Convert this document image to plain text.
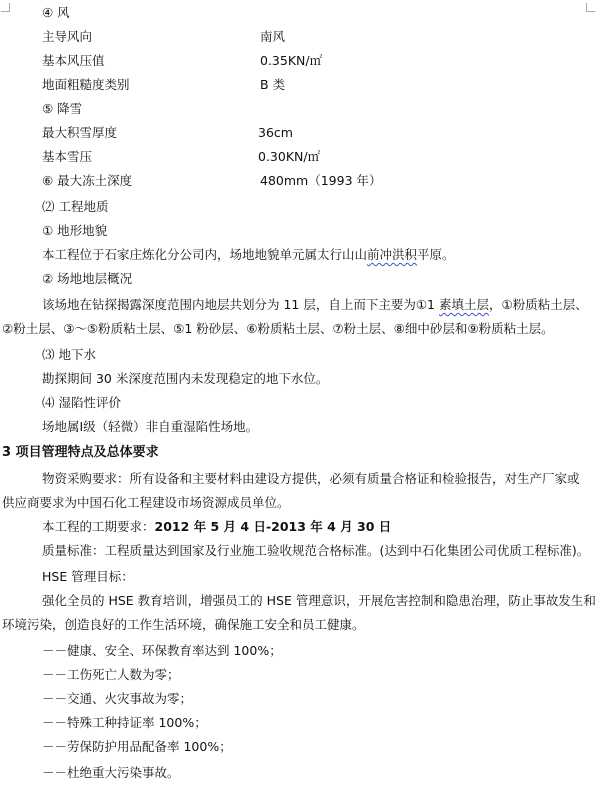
④ 风
主导风向	南风
基本风压值	0.35KN/㎡
地面粗糙度类别	B 类
⑤ 降雪
最大积雪厚度	36cm
基本雪压	0.30KN/㎡
⑥ 最大冻土深度	480mm（1993 年）
⑵ 工程地质
① 地形地貌
本工程位于石家庄炼化分公司内，场地地貌单元属太行山山前冲洪积平原。
② 场地地层概况
该场地在钻探揭露深度范围内地层共划分为 11 层，自上而下主要为①1 素填土层，①粉质粘土层、
②粉土层、③～⑤粉质粘土层、⑤1 粉砂层、⑥粉质粘土层、⑦粉土层、⑧细中砂层和⑨粉质粘土层。
⑶ 地下水
勘探期间 30 米深度范围内未发现稳定的地下水位。
⑷ 湿陷性评价
场地属Ⅰ级（轻微）非自重湿陷性场地。
3 项目管理特点及总体要求
物资采购要求：所有设备和主要材料由建设方提供，必须有质量合格证和检验报告，对生产厂家或
供应商要求为中国石化工程建设市场资源成员单位。
本工程的工期要求：2012 年 5 月 4 日-2013 年 4 月 30 日
质量标准：工程质量达到国家及行业施工验收规范合格标准。(达到中石化集团公司优质工程标准)。
HSE 管理目标：
强化全员的 HSE 教育培训，增强员工的 HSE 管理意识，开展危害控制和隐患治理，防止事故发生和
环境污染，创造良好的工作生活环境，确保施工安全和员工健康。
－－健康、安全、环保教育率达到 100%；
－－工伤死亡人数为零；
－－交通、火灾事故为零；
－－特殊工种持证率 100%；
－－劳保防护用品配备率 100%；
－－杜绝重大污染事故。
